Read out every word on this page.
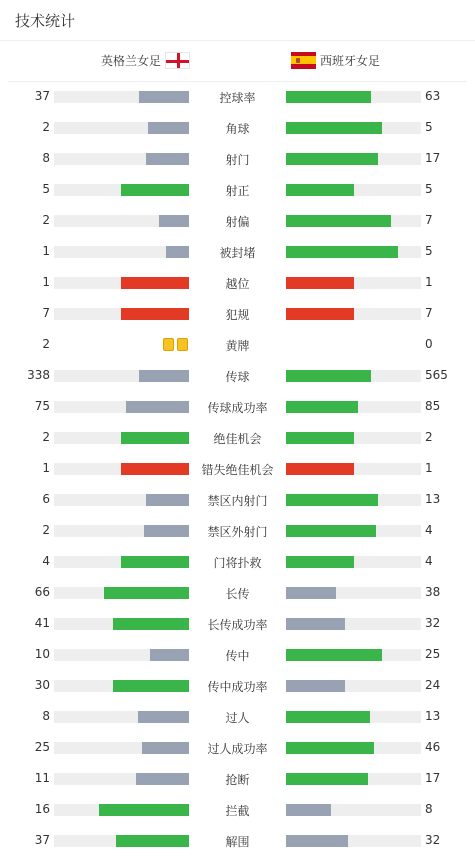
技术统计
英格兰女足	西班牙女足
37	控球率	63
2	角球	5
8	射门	17
5	射正	5
2	射偏	7
1	被封堵	5
1	越位	1
7	犯规	7
2	黄牌	0
338	传球	565
75	传球成功率	85
2	绝佳机会	2
1	错失绝佳机会	1
6	禁区内射门	13
2	禁区外射门	4
4	门将扑救	4
66	长传	38
41	长传成功率	32
10	传中	25
30	传中成功率	24
8	过人	13
25	过人成功率	46
11	抢断	17
16	拦截	8
37	解围	32
